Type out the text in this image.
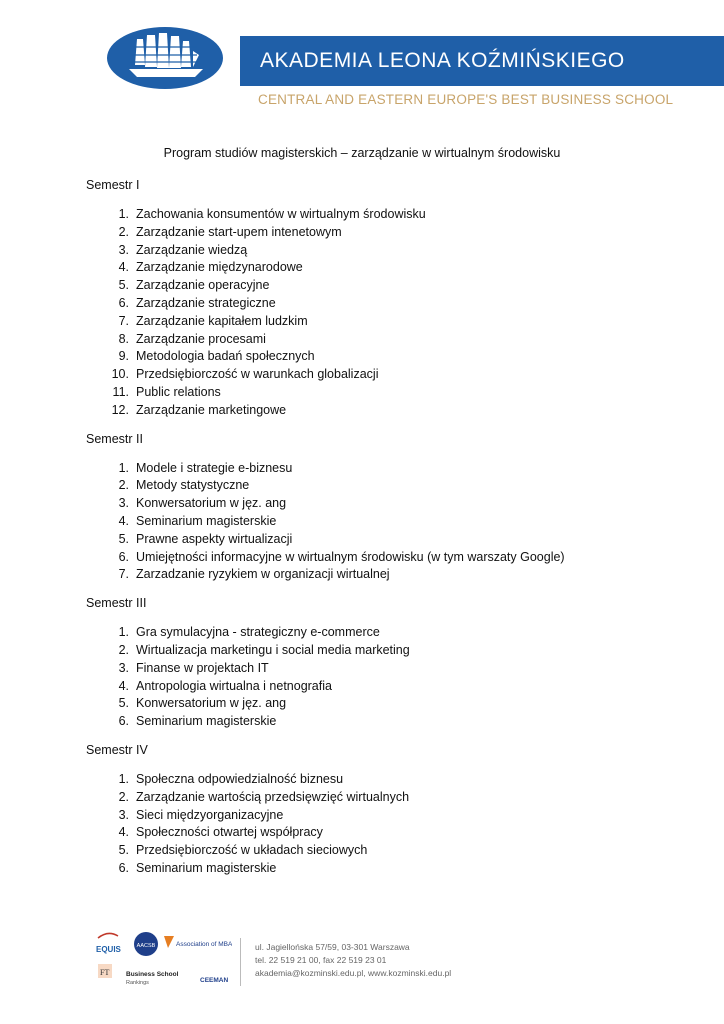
AKADEMIA LEONA KOŹMIŃSKIEGO
CENTRAL AND EASTERN EUROPE'S BEST BUSINESS SCHOOL
Program studiów magisterskich – zarządzanie w wirtualnym środowisku
Semestr I
1. Zachowania konsumentów w wirtualnym środowisku
2. Zarządzanie start-upem intenetowym
3. Zarządzanie wiedzą
4. Zarządzanie międzynarodowe
5. Zarządzanie operacyjne
6. Zarządzanie strategiczne
7. Zarządzanie kapitałem ludzkim
8. Zarządzanie procesami
9. Metodologia badań społecznych
10. Przedsiębiorczość w warunkach globalizacji
11. Public relations
12. Zarządzanie marketingowe
Semestr II
1. Modele i strategie e-biznesu
2. Metody statystyczne
3. Konwersatorium w jęz. ang
4. Seminarium magisterskie
5. Prawne aspekty wirtualizacji
6. Umiejętności informacyjne w wirtualnym środowisku (w tym warszaty Google)
7. Zarzadzanie ryzykiem w organizacji wirtualnej
Semestr III
1. Gra symulacyjna - strategiczny e-commerce
2. Wirtualizacja marketingu i social media marketing
3. Finanse w projektach IT
4. Antropologia wirtualna i netnografia
5. Konwersatorium w jęz. ang
6. Seminarium magisterskie
Semestr IV
1. Społeczna odpowiedzialność biznesu
2. Zarządzanie wartością przedsięwzięć wirtualnych
3. Sieci międzyorganizacyjne
4. Społeczności otwartej współpracy
5. Przedsiębiorczość w układach sieciowych
6. Seminarium magisterskie
EQUIS	AACSB	Association of MBAs
FT	Business School
Rankings	CEEMAN
ul. Jagiellońska 57/59, 03-301 Warszawa
tel. 22 519 21 00, fax 22 519 23 01
akademia@kozminski.edu.pl, www.kozminski.edu.pl
